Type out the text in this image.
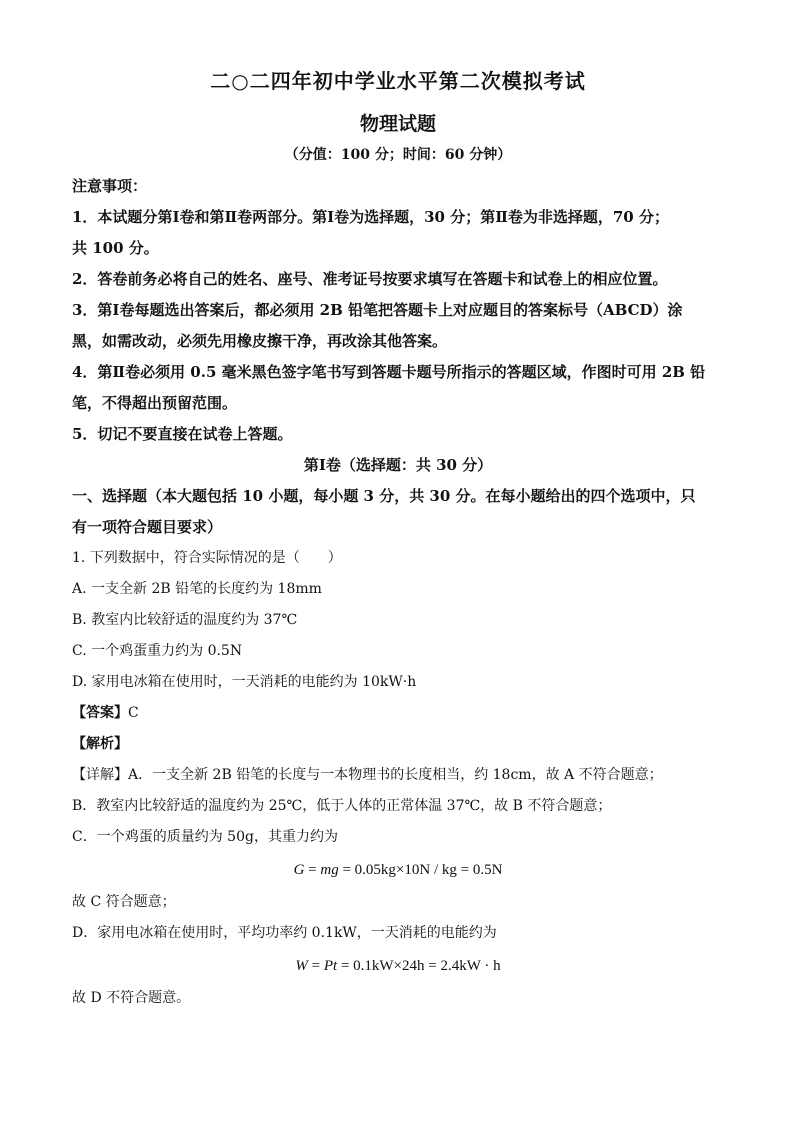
二○二四年初中学业水平第二次模拟考试
物理试题
（分值：100 分；时间：60 分钟）
注意事项：
1．本试题分第Ⅰ卷和第Ⅱ卷两部分。第Ⅰ卷为选择题，30 分；第Ⅱ卷为非选择题，70 分；
共 100 分。
2．答卷前务必将自己的姓名、座号、准考证号按要求填写在答题卡和试卷上的相应位置。
3．第Ⅰ卷每题选出答案后，都必须用 2B 铅笔把答题卡上对应题目的答案标号（ABCD）涂
黑，如需改动，必须先用橡皮擦干净，再改涂其他答案。
4．第Ⅱ卷必须用 0.5 毫米黑色签字笔书写到答题卡题号所指示的答题区域，作图时可用 2B 铅
笔，不得超出预留范围。
5．切记不要直接在试卷上答题。
第Ⅰ卷（选择题：共 30 分）
一、选择题（本大题包括 10 小题，每小题 3 分，共 30 分。在每小题给出的四个选项中，只
有一项符合题目要求）
1. 下列数据中，符合实际情况的是（　　）
A. 一支全新 2B 铅笔的长度约为 18mm
B. 教室内比较舒适的温度约为 37℃
C. 一个鸡蛋重力约为 0.5N
D. 家用电冰箱在使用时，一天消耗的电能约为 10kW·h
【答案】C
【解析】
【详解】A．一支全新 2B 铅笔的长度与一本物理书的长度相当，约 18cm，故 A 不符合题意；
B．教室内比较舒适的温度约为 25℃，低于人体的正常体温 37℃，故 B 不符合题意；
C．一个鸡蛋的质量约为 50g，其重力约为
G = mg = 0.05kg×10N / kg = 0.5N
故 C 符合题意；
D．家用电冰箱在使用时，平均功率约 0.1kW，一天消耗的电能约为
W = Pt = 0.1kW×24h = 2.4kW · h
故 D 不符合题意。
